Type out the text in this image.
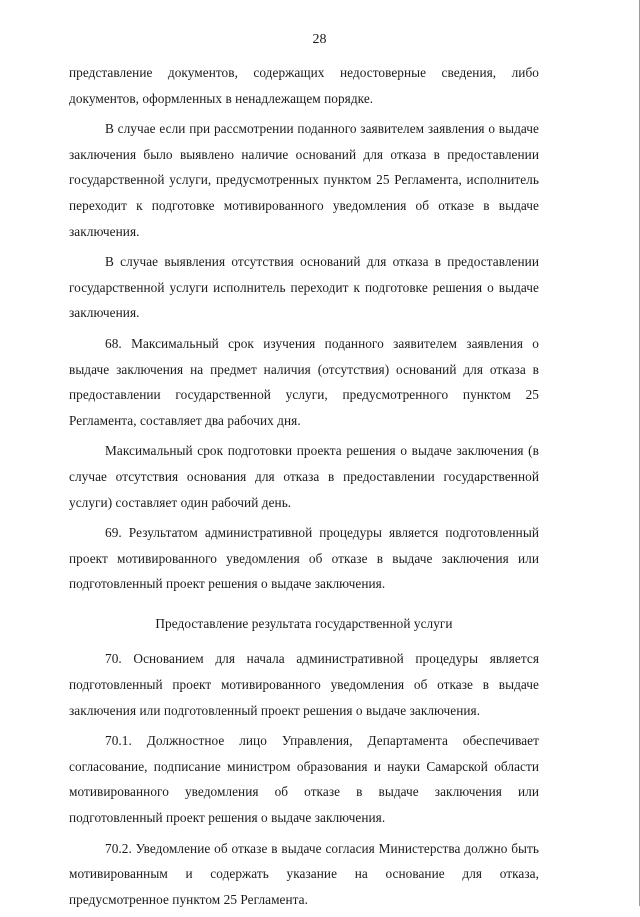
28

представление документов, содержащих недостоверные сведения, либо документов, оформленных в ненадлежащем порядке.

В случае если при рассмотрении поданного заявителем заявления о выдаче заключения было выявлено наличие оснований для отказа в предоставлении государственной услуги, предусмотренных пунктом 25 Регламента, исполнитель переходит к подготовке мотивированного уведомления об отказе в выдаче заключения.

В случае выявления отсутствия оснований для отказа в предоставлении государственной услуги исполнитель переходит к подготовке решения о выдаче заключения.

68. Максимальный срок изучения поданного заявителем заявления о выдаче заключения на предмет наличия (отсутствия) оснований для отказа в предоставлении государственной услуги, предусмотренного пунктом 25 Регламента, составляет два рабочих дня.

Максимальный срок подготовки проекта решения о выдаче заключения (в случае отсутствия основания для отказа в предоставлении государственной услуги) составляет один рабочий день.

69. Результатом административной процедуры является подготовленный проект мотивированного уведомления об отказе в выдаче заключения или подготовленный проект решения о выдаче заключения.

Предоставление результата государственной услуги

70. Основанием для начала административной процедуры является подготовленный проект мотивированного уведомления об отказе в выдаче заключения или подготовленный проект решения о выдаче заключения.

70.1. Должностное лицо Управления, Департамента обеспечивает согласование, подписание министром образования и науки Самарской области мотивированного уведомления об отказе в выдаче заключения или подготовленный проект решения о выдаче заключения.

70.2. Уведомление об отказе в выдаче согласия Министерства должно быть мотивированным и содержать указание на основание для отказа, предусмотренное пунктом 25 Регламента.
